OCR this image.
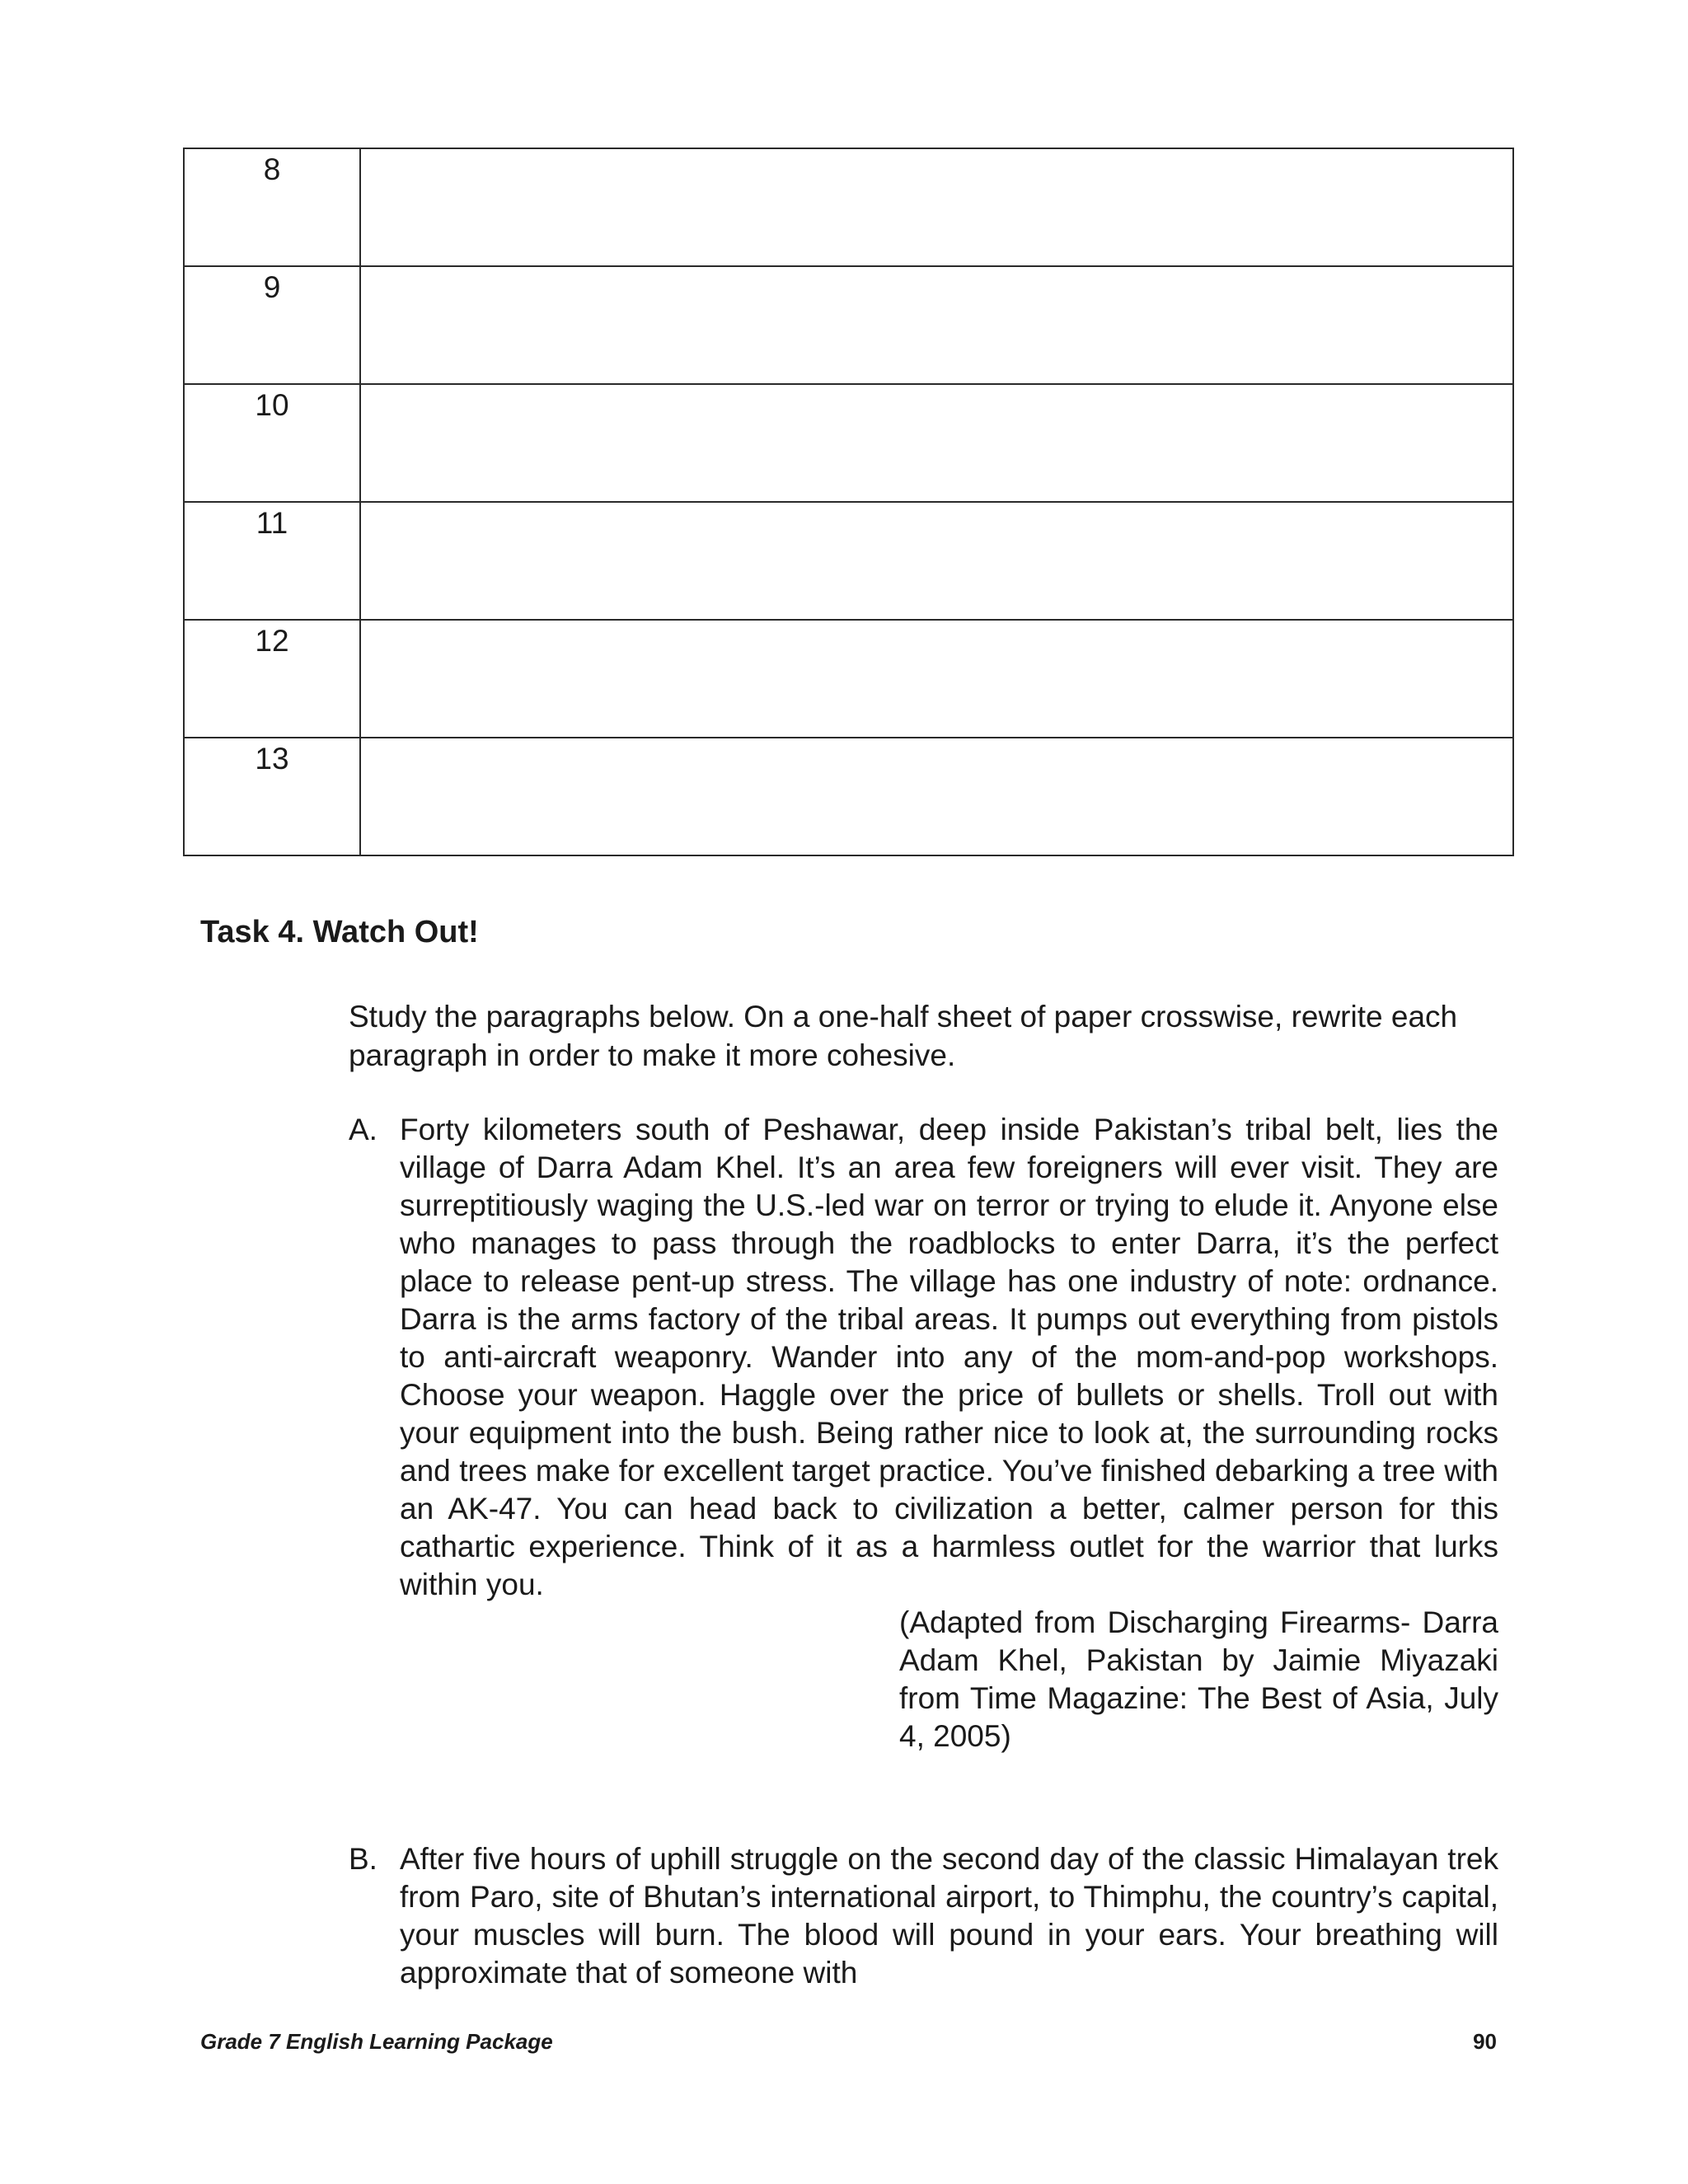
8	
9	
10	
11	
12	
13	
Task 4. Watch Out!

Study the paragraphs below. On a one-half sheet of paper crosswise, rewrite each paragraph in order to make it more cohesive.

A. Forty kilometers south of Peshawar, deep inside Pakistan’s tribal belt, lies the village of Darra Adam Khel. It’s an area few foreigners will ever visit. They are surreptitiously waging the U.S.-led war on terror or trying to elude it. Anyone else who manages to pass through the roadblocks to enter Darra, it’s the perfect place to release pent-up stress. The village has one industry of note: ordnance. Darra is the arms factory of the tribal areas. It pumps out everything from pistols to anti-aircraft weaponry. Wander into any of the mom-and-pop workshops. Choose your weapon. Haggle over the price of bullets or shells. Troll out with your equipment into the bush. Being rather nice to look at, the surrounding rocks and trees make for excellent target practice. You’ve finished debarking a tree with an AK-47. You can head back to civilization a better, calmer person for this cathartic experience. Think of it as a harmless outlet for the warrior that lurks within you.
(Adapted from Discharging Firearms- Darra Adam Khel, Pakistan by Jaimie Miyazaki from Time Magazine: The Best of Asia, July 4, 2005)
B. After five hours of uphill struggle on the second day of the classic Himalayan trek from Paro, site of Bhutan’s international airport, to Thimphu, the country’s capital, your muscles will burn. The blood will pound in your ears. Your breathing will approximate that of someone with
Grade 7 English Learning Package	90
